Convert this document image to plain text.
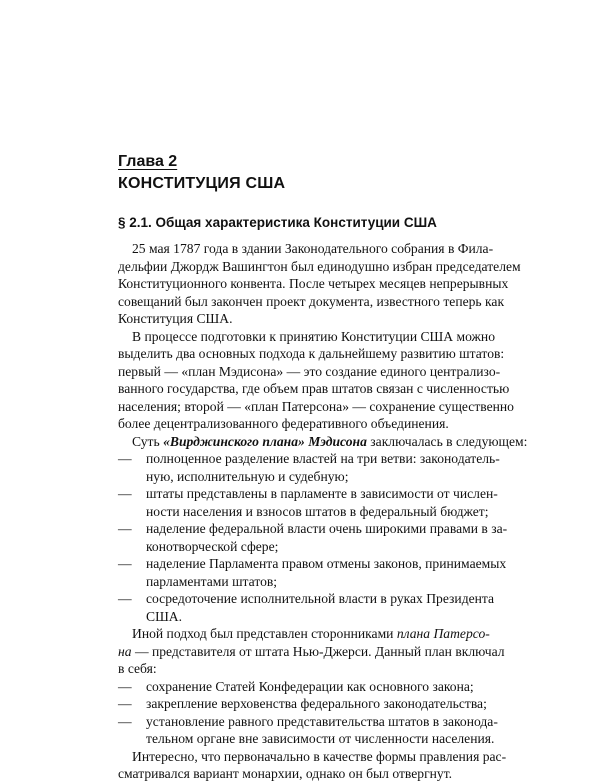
Глава 2
КОНСТИТУЦИЯ США
§ 2.1. Общая характеристика Конституции США

25 мая 1787 года в здании Законодательного собрания в Фила-
дельфии Джордж Вашингтон был единодушно избран председателем
Конституционного конвента. После четырех месяцев непрерывных
совещаний был закончен проект документа, известного теперь как
Конституция США.

В процессе подготовки к принятию Конституции США можно
выделить два основных подхода к дальнейшему развитию штатов:
первый — «план Мэдисона» — это создание единого централизо-
ванного государства, где объем прав штатов связан с численностью
населения; второй — «план Патерсона» — сохранение существенно
более децентрализованного федеративного объединения.

Суть «Вирджинского плана» Мэдисона заключалась в следующем:

—	полноценное разделение властей на три ветви: законодатель-
ную, исполнительную и судебную;
—	штаты представлены в парламенте в зависимости от числен-
ности населения и взносов штатов в федеральный бюджет;
—	наделение федеральной власти очень широкими правами в за-
конотворческой сфере;
—	наделение Парламента правом отмены законов, принимаемых
парламентами штатов;
—	сосредоточение исполнительной власти в руках Президента
США.

Иной подход был представлен сторонниками плана Патерсо-
на — представителя от штата Нью-Джерси. Данный план включал
в себя:

—	сохранение Статей Конфедерации как основного закона;
—	закрепление верховенства федерального законодательства;
—	установление равного представительства штатов в законода-
тельном органе вне зависимости от численности населения.

Интересно, что первоначально в качестве формы правления рас-
сматривался вариант монархии, однако он был отвергнут.
